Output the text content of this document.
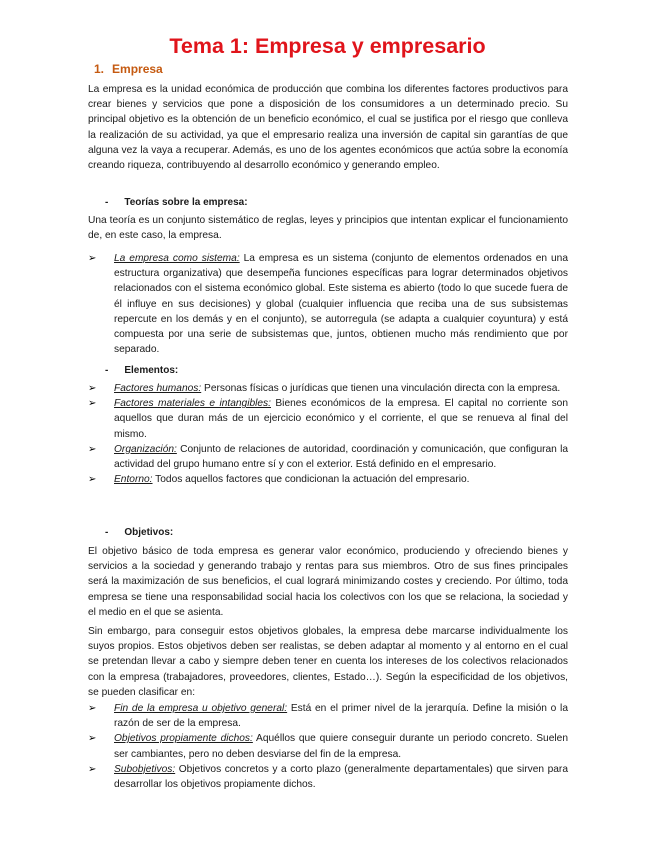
Tema 1: Empresa y empresario
1. Empresa

La empresa es la unidad económica de producción que combina los diferentes factores productivos para crear bienes y servicios que pone a disposición de los consumidores a un determinado precio. Su principal objetivo es la obtención de un beneficio económico, el cual se justifica por el riesgo que conlleva la realización de su actividad, ya que el empresario realiza una inversión de capital sin garantías de que alguna vez la vaya a recuperar. Además, es uno de los agentes económicos que actúa sobre la economía creando riqueza, contribuyendo al desarrollo económico y generando empleo.

- Teorías sobre la empresa:

Una teoría es un conjunto sistemático de reglas, leyes y principios que intentan explicar el funcionamiento de, en este caso, la empresa.

➢ La empresa como sistema: La empresa es un sistema (conjunto de elementos ordenados en una estructura organizativa) que desempeña funciones específicas para lograr determinados objetivos relacionados con el sistema económico global. Este sistema es abierto (todo lo que sucede fuera de él influye en sus decisiones) y global (cualquier influencia que reciba una de sus subsistemas repercute en los demás y en el conjunto), se autorregula (se adapta a cualquier coyuntura) y está compuesta por una serie de subsistemas que, juntos, obtienen mucho más rendimiento que por separado.
- Elementos:
➢ Factores humanos: Personas físicas o jurídicas que tienen una vinculación directa con la empresa.
➢ Factores materiales e intangibles: Bienes económicos de la empresa. El capital no corriente son aquellos que duran más de un ejercicio económico y el corriente, el que se renueva al final del mismo.
➢ Organización: Conjunto de relaciones de autoridad, coordinación y comunicación, que configuran la actividad del grupo humano entre sí y con el exterior. Está definido en el empresario.
➢ Entorno: Todos aquellos factores que condicionan la actuación del empresario.
- Objetivos:

El objetivo básico de toda empresa es generar valor económico, produciendo y ofreciendo bienes y servicios a la sociedad y generando trabajo y rentas para sus miembros. Otro de sus fines principales será la maximización de sus beneficios, el cual logrará minimizando costes y creciendo. Por último, toda empresa se tiene una responsabilidad social hacia los colectivos con los que se relaciona, la sociedad y el medio en el que se asienta.

Sin embargo, para conseguir estos objetivos globales, la empresa debe marcarse individualmente los suyos propios. Estos objetivos deben ser realistas, se deben adaptar al momento y al entorno en el cual se pretendan llevar a cabo y siempre deben tener en cuenta los intereses de los colectivos relacionados con la empresa (trabajadores, proveedores, clientes, Estado…). Según la especificidad de los objetivos, se pueden clasificar en:

➢ Fin de la empresa u objetivo general: Está en el primer nivel de la jerarquía. Define la misión o la razón de ser de la empresa.
➢ Objetivos propiamente dichos: Aquéllos que quiere conseguir durante un periodo concreto. Suelen ser cambiantes, pero no deben desviarse del fin de la empresa.
➢ Subobjetivos: Objetivos concretos y a corto plazo (generalmente departamentales) que sirven para desarrollar los objetivos propiamente dichos.
